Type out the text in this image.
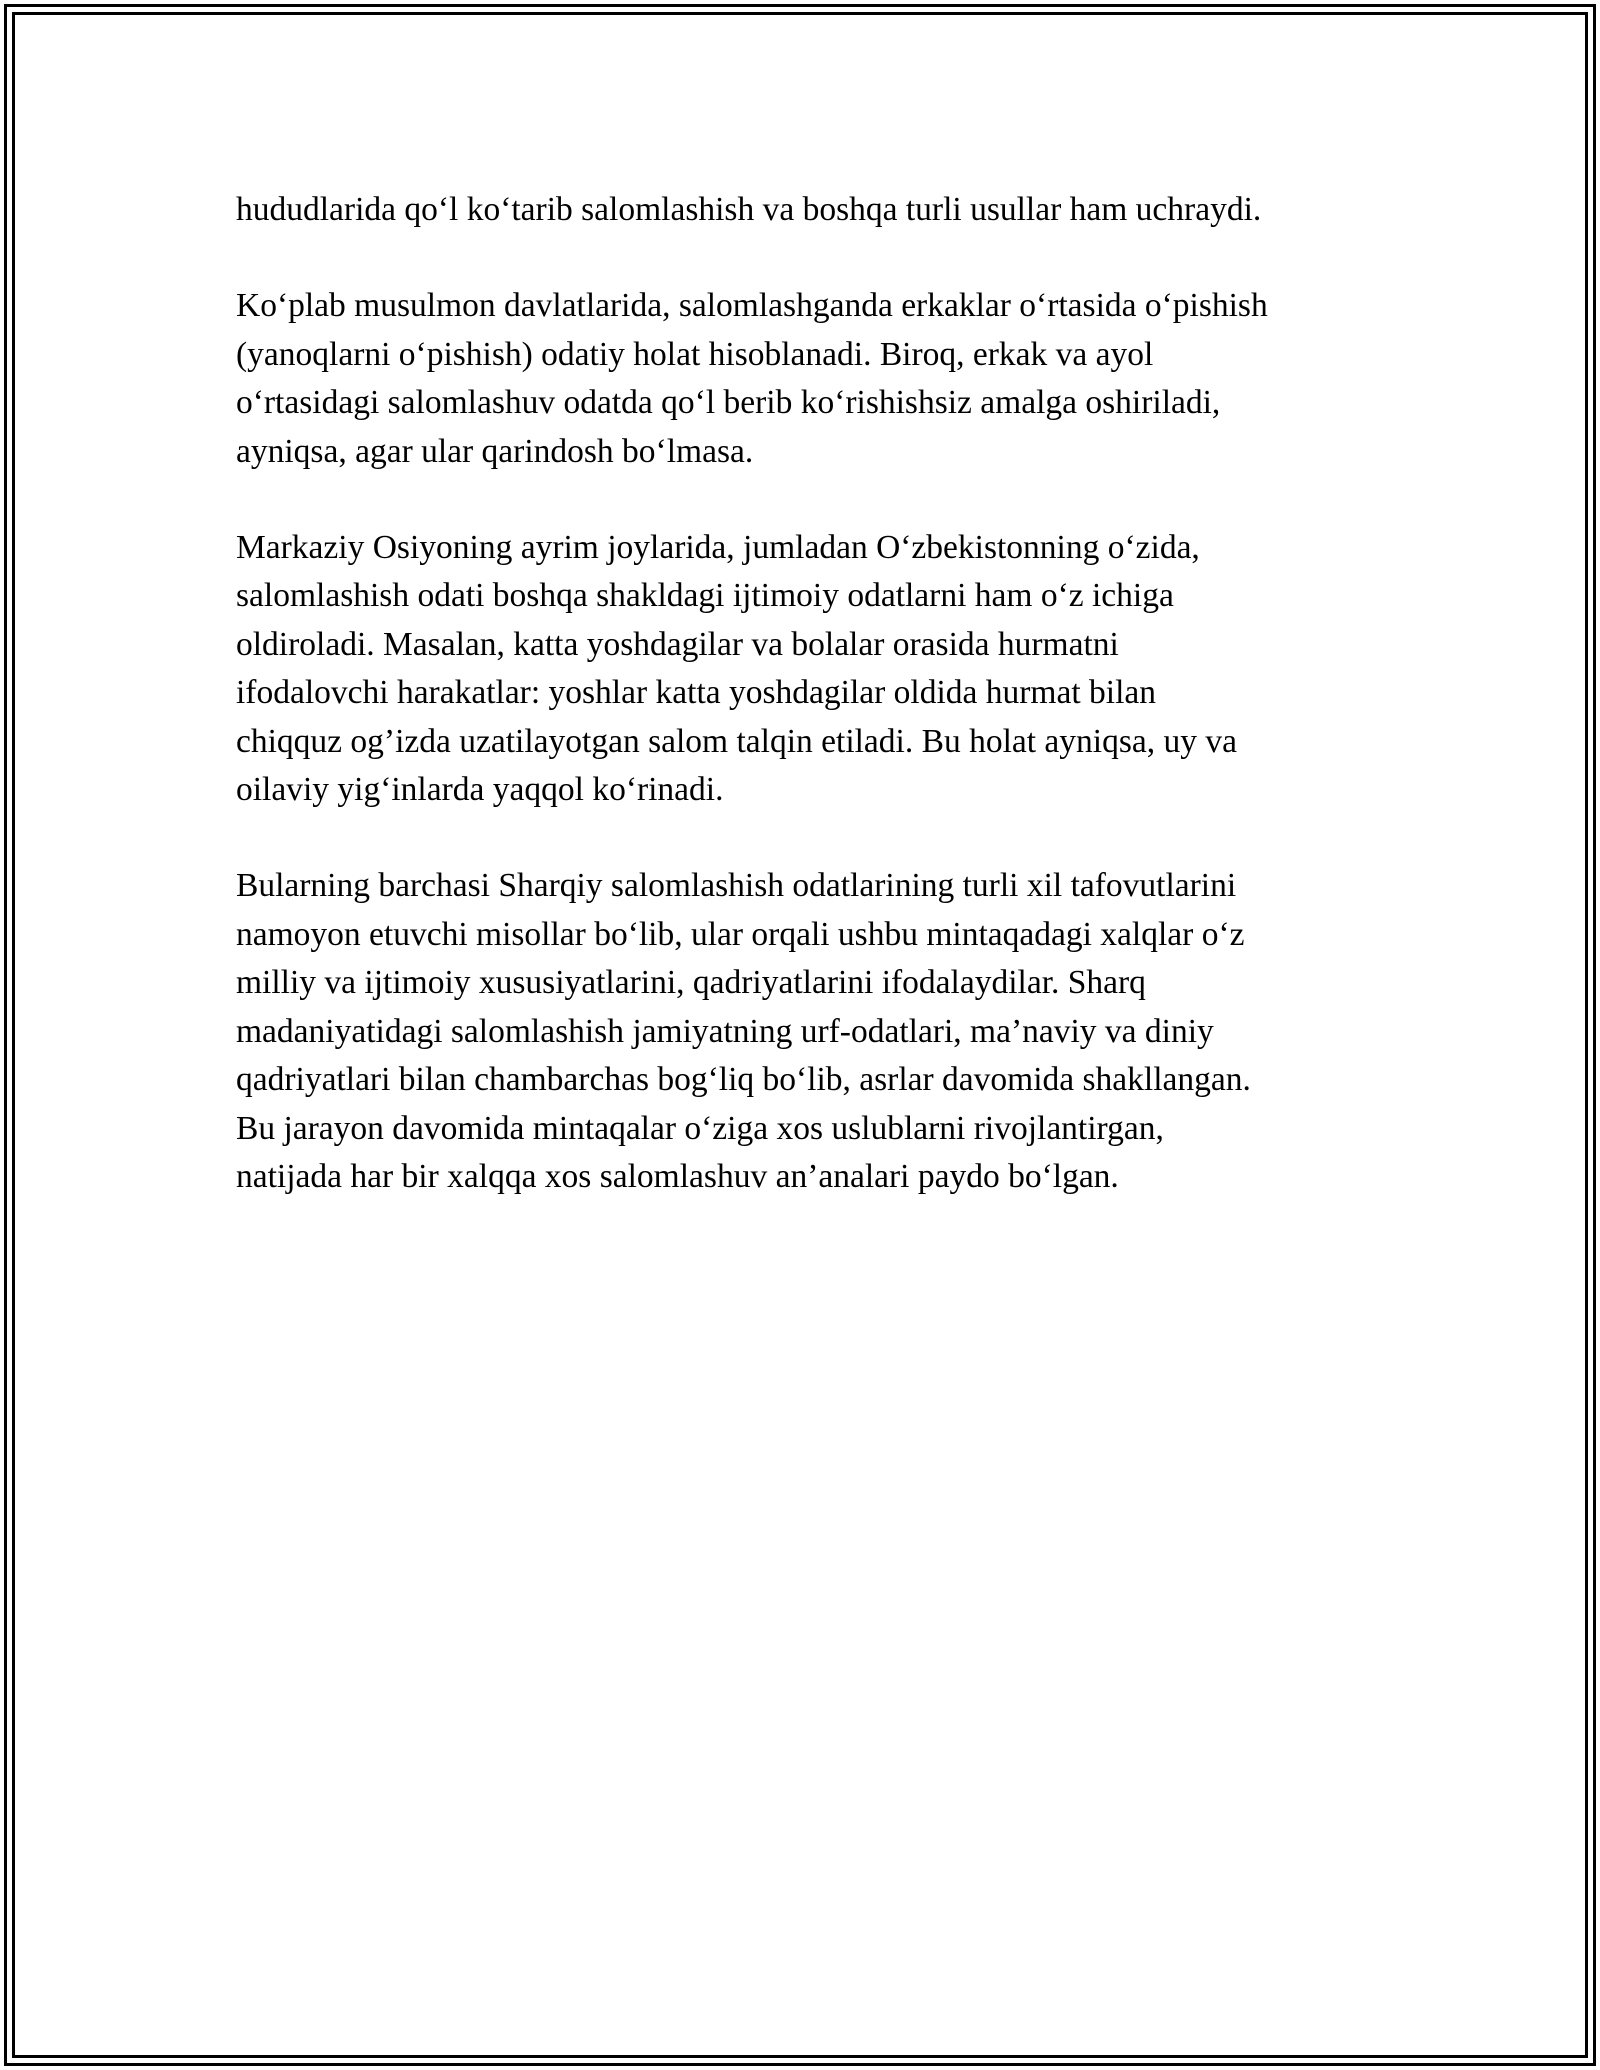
hududlarida qo‘l ko‘tarib salomlashish va boshqa turli usullar ham uchraydi.

Ko‘plab musulmon davlatlarida, salomlashganda erkaklar o‘rtasida o‘pishish
(yanoqlarni o‘pishish) odatiy holat hisoblanadi. Biroq, erkak va ayol
o‘rtasidagi salomlashuv odatda qo‘l berib ko‘rishishsiz amalga oshiriladi,
ayniqsa, agar ular qarindosh bo‘lmasa.

Markaziy Osiyoning ayrim joylarida, jumladan O‘zbekistonning o‘zida,
salomlashish odati boshqa shakldagi ijtimoiy odatlarni ham o‘z ichiga
oldiroladi. Masalan, katta yoshdagilar va bolalar orasida hurmatni
ifodalovchi harakatlar: yoshlar katta yoshdagilar oldida hurmat bilan
chiqquz og’izda uzatilayotgan salom talqin etiladi. Bu holat ayniqsa, uy va
oilaviy yig‘inlarda yaqqol ko‘rinadi.

Bularning barchasi Sharqiy salomlashish odatlarining turli xil tafovutlarini
namoyon etuvchi misollar bo‘lib, ular orqali ushbu mintaqadagi xalqlar o‘z
milliy va ijtimoiy xususiyatlarini, qadriyatlarini ifodalaydilar. Sharq
madaniyatidagi salomlashish jamiyatning urf-odatlari, ma’naviy va diniy
qadriyatlari bilan chambarchas bog‘liq bo‘lib, asrlar davomida shakllangan.
Bu jarayon davomida mintaqalar o‘ziga xos uslublarni rivojlantirgan,
natijada har bir xalqqa xos salomlashuv an’analari paydo bo‘lgan.
